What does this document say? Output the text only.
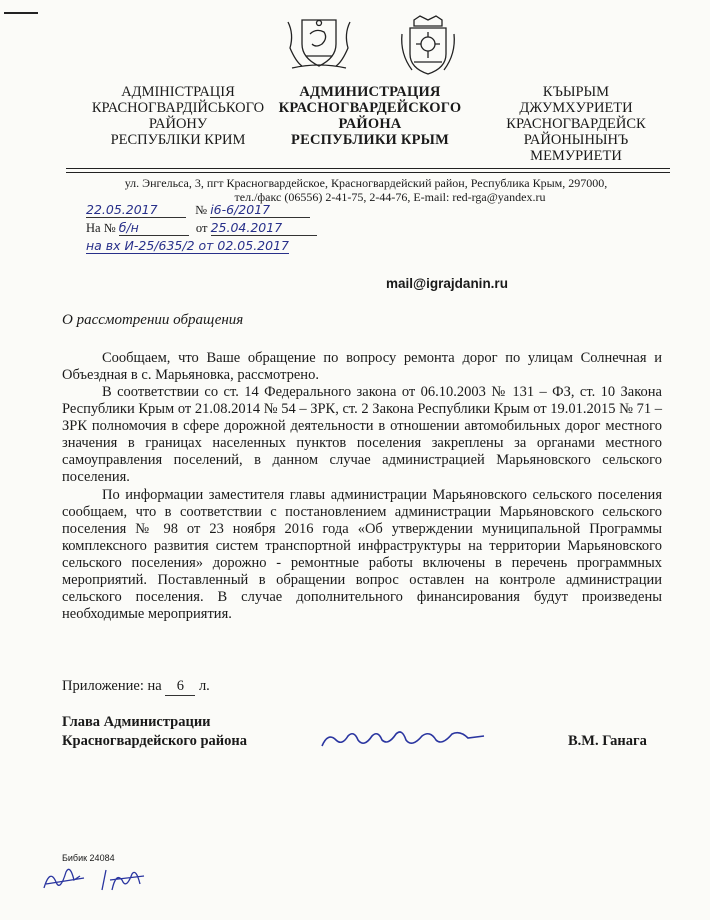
АДМІНІСТРАЦІЯ
КРАСНОГВАРДІЙСЬКОГО
РАЙОНУ
РЕСПУБЛІКИ КРИМ
АДМИНИСТРАЦИЯ
КРАСНОГВАРДЕЙСКОГО
РАЙОНА
РЕСПУБЛИКИ КРЫМ
КЪЫРЫМ
ДЖУМХУРИЕТИ
КРАСНОГВАРДЕЙСК
РАЙОНЫНЫНЪ
МЕМУРИЕТИ
ул. Энгельса, 3, пгт Красногвардейское, Красногвардейский район, Республика Крым, 297000,
тел./факс (06556) 2-41-75, 2-44-76, E-mail: red-rga@yandex.ru
22.05.2017	№ i6-6/2017
На № б/н	от 25.04.2017
на вх И-25/635/2 от 02.05.2017
mail@igrajdanin.ru
О рассмотрении обращения

Сообщаем, что Ваше обращение по вопросу ремонта дорог по улицам Солнечная и Объездная в с. Марьяновка, рассмотрено.

В соответствии со ст. 14 Федерального закона от 06.10.2003 № 131 – ФЗ, ст. 10 Закона Республики Крым от 21.08.2014 № 54 – ЗРК, ст. 2 Закона Республики Крым от 19.01.2015 № 71 – ЗРК полномочия в сфере дорожной деятельности в отношении автомобильных дорог местного значения в границах населенных пунктов поселения закреплены за органами местного самоуправления поселений, в данном случае администрацией Марьяновского сельского поселения.

По информации заместителя главы администрации Марьяновского сельского поселения сообщаем, что в соответствии с постановлением администрации Марьяновского сельского поселения № 98 от 23 ноября 2016 года «Об утверждении муниципальной Программы комплексного развития систем транспортной инфраструктуры на территории Марьяновского сельского поселения» дорожно - ремонтные работы включены в перечень программных мероприятий. Поставленный в обращении вопрос оставлен на контроле администрации сельского поселения. В случае дополнительного финансирования будут произведены необходимые мероприятия.

Приложение: на 6 л.
Глава Администрации
Красногвардейского района	В.М. Ганага
Бибик 24084
